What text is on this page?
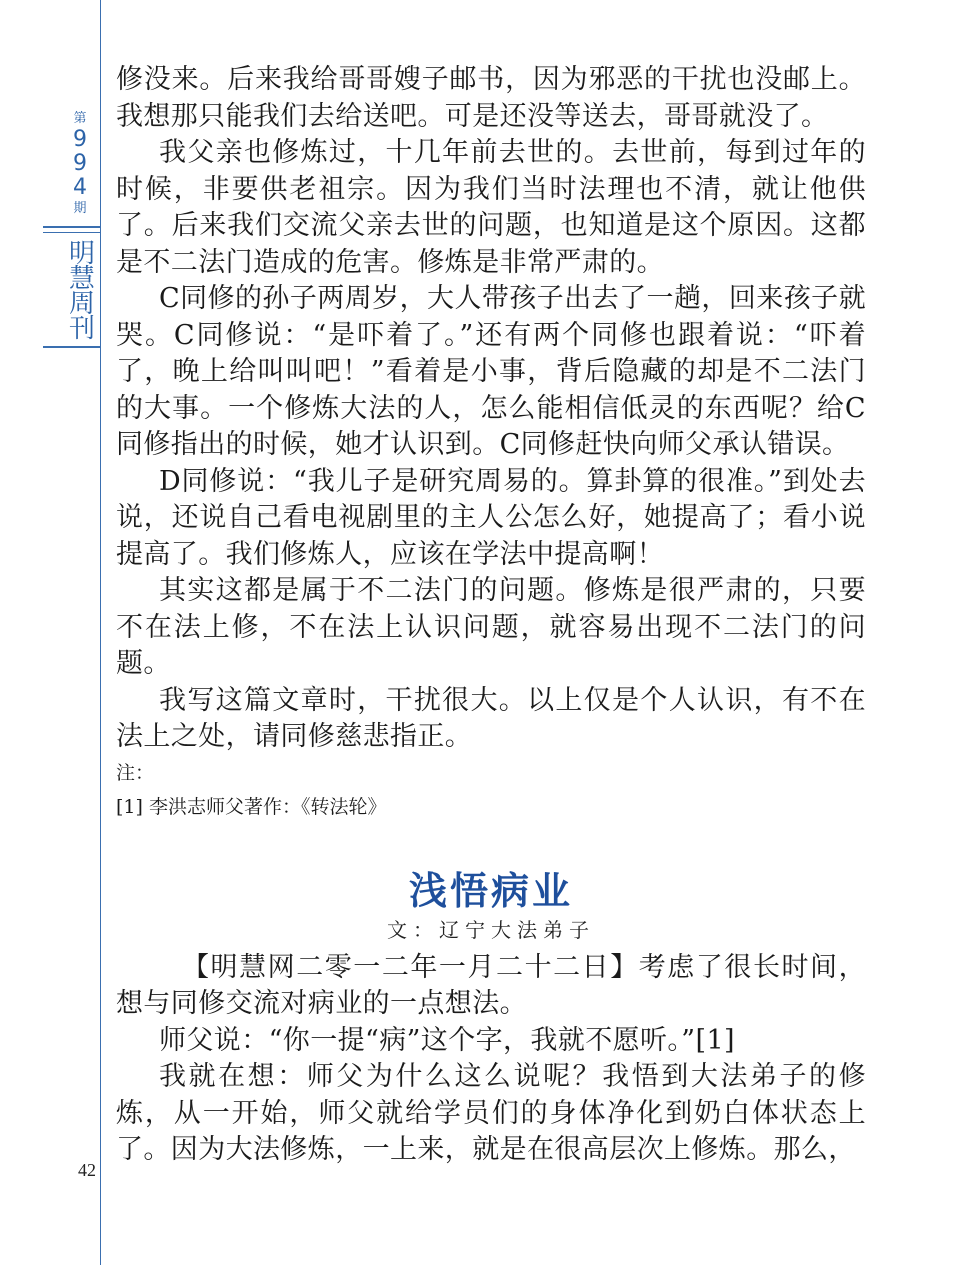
第
9
9
4
期
明
慧
周
刊
42

修没来。后来我给哥哥嫂子邮书，因为邪恶的干扰也没邮上。我想那只能我们去给送吧。可是还没等送去，哥哥就没了。

我父亲也修炼过，十几年前去世的。去世前，每到过年的时候，非要供老祖宗。因为我们当时法理也不清，就让他供了。后来我们交流父亲去世的问题，也知道是这个原因。这都是不二法门造成的危害。修炼是非常严肃的。

C同修的孙子两周岁，大人带孩子出去了一趟，回来孩子就哭。C同修说：“是吓着了。”还有两个同修也跟着说：“吓着了，晚上给叫叫吧！”看着是小事，背后隐藏的却是不二法门的大事。一个修炼大法的人，怎么能相信低灵的东西呢？给C同修指出的时候，她才认识到。C同修赶快向师父承认错误。

D同修说：“我儿子是研究周易的。算卦算的很准。”到处去说，还说自己看电视剧里的主人公怎么好，她提高了；看小说提高了。我们修炼人，应该在学法中提高啊！

其实这都是属于不二法门的问题。修炼是很严肃的，只要不在法上修，不在法上认识问题，就容易出现不二法门的问题。

我写这篇文章时，干扰很大。以上仅是个人认识，有不在法上之处，请同修慈悲指正。

注：

[1] 李洪志师父著作：《转法轮》

浅悟病业
文：辽宁大法弟子

【明慧网二零一二年一月二十二日】考虑了很长时间，想与同修交流对病业的一点想法。

师父说：“你一提“病”这个字，我就不愿听。”[1]

我就在想：师父为什么这么说呢？我悟到大法弟子的修炼，从一开始，师父就给学员们的身体净化到奶白体状态上了。因为大法修炼，一上来，就是在很高层次上修炼。那么，
